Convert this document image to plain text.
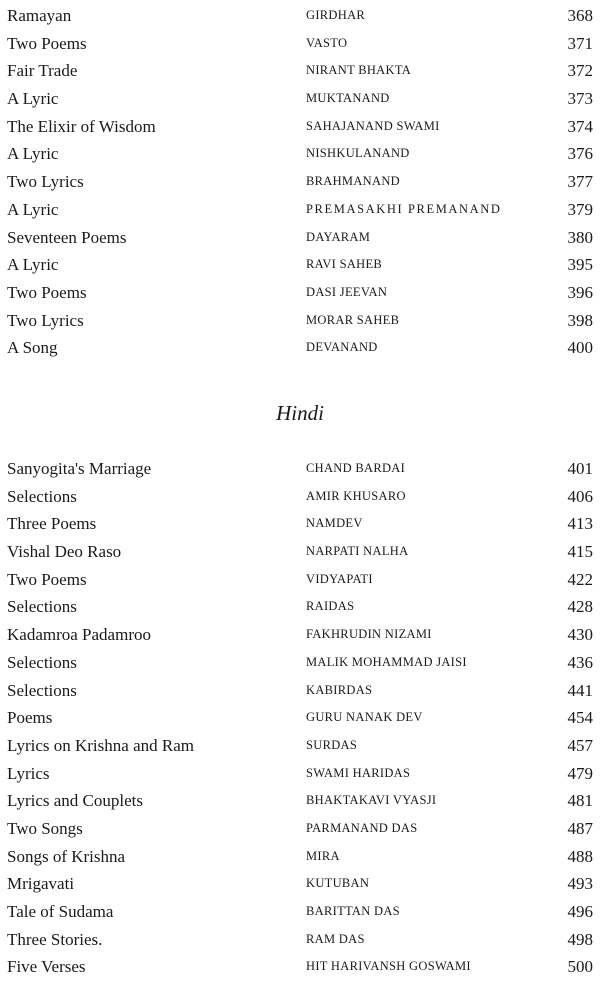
Ramayan	GIRDHAR	368
Two Poems	VASTO	371
Fair Trade	NIRANT BHAKTA	372
A Lyric	MUKTANAND	373
The Elixir of Wisdom	SAHAJANAND SWAMI	374
A Lyric	NISHKULANAND	376
Two Lyrics	BRAHMANAND	377
A Lyric	PREMASAKHI PREMANAND	379
Seventeen Poems	DAYARAM	380
A Lyric	RAVI SAHEB	395
Two Poems	DASI JEEVAN	396
Two Lyrics	MORAR SAHEB	398
A Song	DEVANAND	400
Hindi
Sanyogita's Marriage	CHAND BARDAI	401
Selections	AMIR KHUSARO	406
Three Poems	NAMDEV	413
Vishal Deo Raso	NARPATI NALHA	415
Two Poems	VIDYAPATI	422
Selections	RAIDAS	428
Kadamroa Padamroo	FAKHRUDIN NIZAMI	430
Selections	MALIK MOHAMMAD JAISI	436
Selections	KABIRDAS	441
Poems	GURU NANAK DEV	454
Lyrics on Krishna and Ram	SURDAS	457
Lyrics	SWAMI HARIDAS	479
Lyrics and Couplets	BHAKTAKAVI VYASJI	481
Two Songs	PARMANAND DAS	487
Songs of Krishna	MIRA	488
Mrigavati	KUTUBAN	493
Tale of Sudama	BARITTAN DAS	496
Three Stories.	RAM DAS	498
Five Verses	HIT HARIVANSH GOSWAMI	500
